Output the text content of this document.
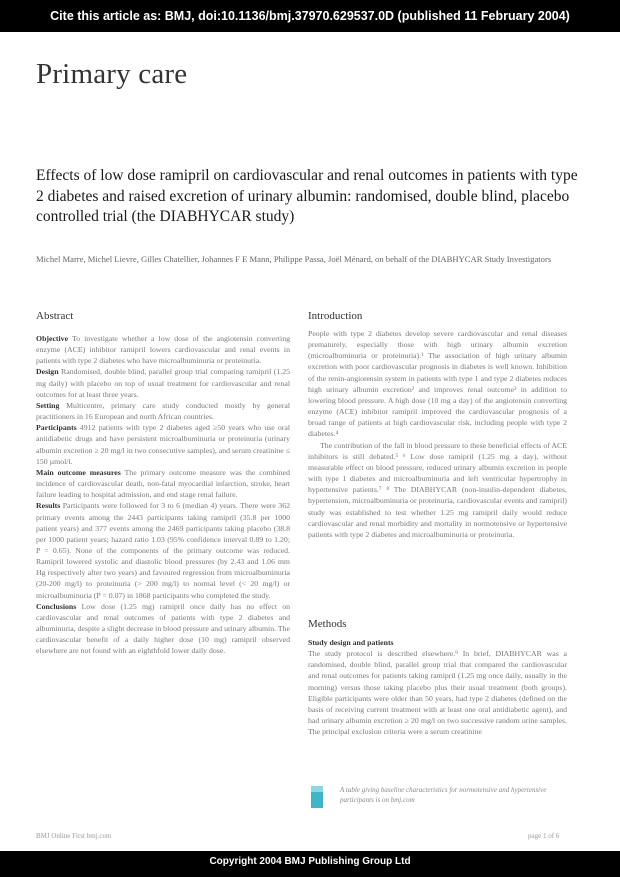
Cite this article as: BMJ, doi:10.1136/bmj.37970.629537.0D (published 11 February 2004)
Primary care
Effects of low dose ramipril on cardiovascular and renal outcomes in patients with type 2 diabetes and raised excretion of urinary albumin: randomised, double blind, placebo controlled trial (the DIABHYCAR study)
Michel Marre, Michel Lievre, Gilles Chatellier, Johannes F E Mann, Philippe Passa, Joël Ménard, on behalf of the DIABHYCAR Study Investigators
Abstract

Objective To investigate whether a low dose of the angiotensin converting enzyme (ACE) inhibitor ramipril lowers cardiovascular and renal events in patients with type 2 diabetes who have microalbuminuria or proteinuria.

Design Randomised, double blind, parallel group trial comparing ramipril (1.25 mg daily) with placebo on top of usual treatment for cardiovascular and renal outcomes for at least three years.

Setting Multicentre, primary care study conducted mostly by general practitioners in 16 European and north African countries.

Participants 4912 patients with type 2 diabetes aged ≥50 years who use oral antidiabetic drugs and have persistent microalbuminuria or proteinuria (urinary albumin excretion ≥ 20 mg/l in two consecutive samples), and serum creatinine ≤ 150 µmol/l.

Main outcome measures The primary outcome measure was the combined incidence of cardiovascular death, non-fatal myocardial infarction, stroke, heart failure leading to hospital admission, and end stage renal failure.

Results Participants were followed for 3 to 6 (median 4) years. There were 362 primary events among the 2443 participants taking ramipril (35.8 per 1000 patient years) and 377 events among the 2469 participants taking placebo (38.8 per 1000 patient years; hazard ratio 1.03 (95% confidence interval 0.89 to 1.20; P = 0.65). None of the components of the primary outcome was reduced. Ramipril lowered systolic and diastolic blood pressures (by 2.43 and 1.06 mm Hg respectively after two years) and favoured regression from microalbuminuria (20-200 mg/l) to proteinuria (> 200 mg/l) to normal level (< 20 mg/l) or microalbuminuria (P = 0.07) in 1868 participants who completed the study.

Conclusions Low dose (1.25 mg) ramipril once daily has no effect on cardiovascular and renal outcomes of patients with type 2 diabetes and albuminuria, despite a slight decrease in blood pressure and urinary albumin. The cardiovascular benefit of a daily higher dose (10 mg) ramipril observed elsewhere are not found with an eighthfold lower daily dose.

Introduction

People with type 2 diabetes develop severe cardiovascular and renal diseases prematurely, especially those with high urinary albumin excretion (microalbuminuria or proteinuria).¹ The association of high urinary albumin excretion with poor cardiovascular prognosis in diabetes is well known. Inhibition of the renin-angiotensin system in patients with type 1 and type 2 diabetes reduces high urinary albumin excretion² and improves renal outcome³ in addition to lowering blood pressure. A high dose (10 mg a day) of the angiotensin converting enzyme (ACE) inhibitor ramipril improved the cardiovascular prognosis of a broad range of patients at high cardiovascular risk, including people with type 2 diabetes.⁴

The contribution of the fall in blood pressure to these beneficial effects of ACE inhibitors is still debated.⁵ ⁶ Low dose ramipril (1.25 mg a day), without measurable effect on blood pressure, reduced urinary albumin excretion in people with type 1 diabetes and microalbuminuria and left ventricular hypertrophy in hypertensive patients.⁷ ⁸ The DIABHYCAR (non-insulin-dependent diabetes, hypertension, microalbuminuria or proteinuria, cardiovascular events and ramipril) study was established to test whether 1.25 mg ramipril daily would reduce cardiovascular and renal morbidity and mortality in normotensive or hypertensive patients with type 2 diabetes and microalbuminuria or proteinuria.

Methods

Study design and patients

The study protocol is described elsewhere.⁹ In brief, DIABHYCAR was a randomised, double blind, parallel group trial that compared the cardiovascular and renal outcomes for patients taking ramipril (1.25 mg once daily, usually in the morning) versus those taking placebo plus their usual treatment (both groups). Eligible participants were older than 50 years, had type 2 diabetes (defined on the basis of receiving current treatment with at least one oral antidiabetic agent), and had urinary albumin excretion ≥ 20 mg/l on two successive random urine samples. The principal exclusion criteria were a serum creatinine

A table giving baseline characteristics for normotensive and hypertensive participants is on bmj.com
BMJ Online First bmj.com	page 1 of 6
Copyright 2004 BMJ Publishing Group Ltd
